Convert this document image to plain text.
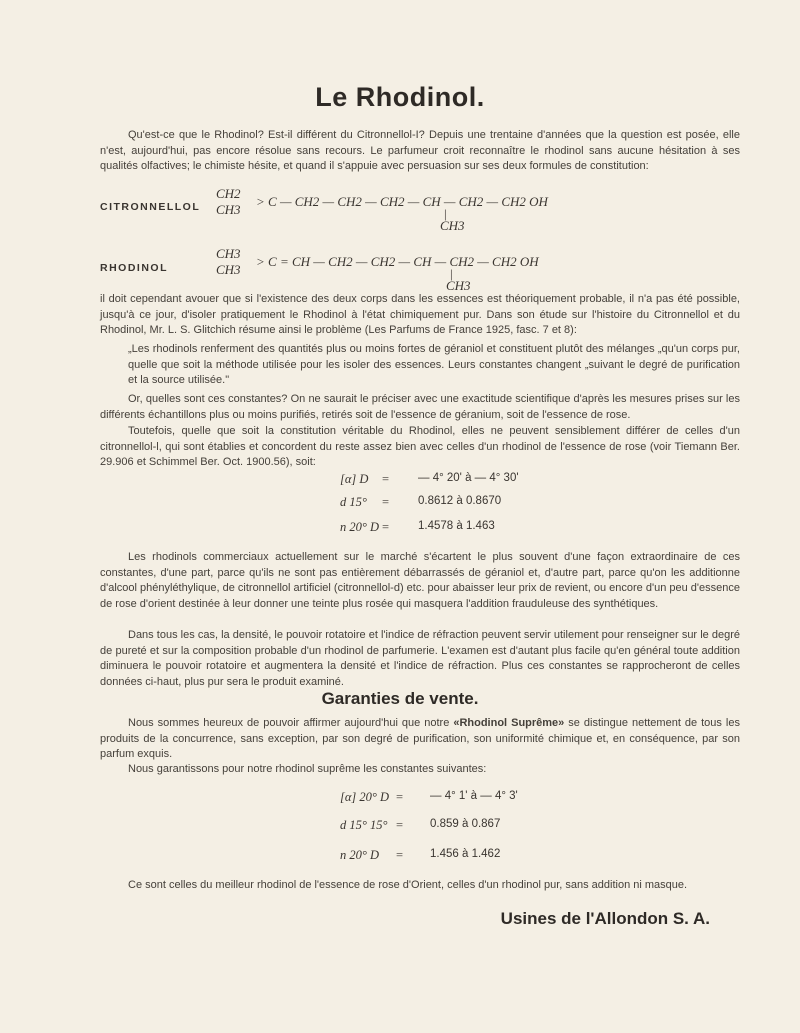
Le Rhodinol.
Qu'est-ce que le Rhodinol? Est-il différent du Citronnellol-I? Depuis une trentaine d'années que la question est posée, elle n'est, aujourd'hui, pas encore résolue sans recours. Le parfumeur croit reconnaître le rhodinol sans aucune hésitation à ses qualités olfactives; le chimiste hésite, et quand il s'appuie avec persuasion sur ses deux formules de constitution:
CITRONNELLOL
CH2
CH3
> C — CH2 — CH2 — CH2 — CH — CH2 — CH2 OH
|
CH3
RHODINOL
CH3
CH3
> C = CH — CH2 — CH2 — CH — CH2 — CH2 OH
|
CH3
il doit cependant avouer que si l'existence des deux corps dans les essences est théoriquement probable, il n'a pas été possible, jusqu'à ce jour, d'isoler pratiquement le Rhodinol à l'état chimiquement pur. Dans son étude sur l'histoire du Citronnellol et du Rhodinol, Mr. L. S. Glitchich résume ainsi le problème (Les Parfums de France 1925, fasc. 7 et 8):
„Les rhodinols renferment des quantités plus ou moins fortes de géraniol et constituent plutôt des mélanges „qu'un corps pur, quelle que soit la méthode utilisée pour les isoler des essences. Leurs constantes changent „suivant le degré de purification et la source utilisée."
Or, quelles sont ces constantes? On ne saurait le préciser avec une exactitude scientifique d'après les mesures prises sur les différents échantillons plus ou moins purifiés, retirés soit de l'essence de géranium, soit de l'essence de rose.
Toutefois, quelle que soit la constitution véritable du Rhodinol, elles ne peuvent sensiblement différer de celles d'un citronnellol-l, qui sont établies et concordent du reste assez bien avec celles d'un rhodinol de l'essence de rose (voir Tiemann Ber. 29.906 et Schimmel Ber. Oct. 1900.56), soit:
[α] D =	— 4° 20' à — 4° 30'
d 15° =	0.8612 à 0.8670
n 20° D =	1.4578 à 1.463
Les rhodinols commerciaux actuellement sur le marché s'écartent le plus souvent d'une façon extraordinaire de ces constantes, d'une part, parce qu'ils ne sont pas entièrement débarrassés de géraniol et, d'autre part, parce qu'on les additionne d'alcool phényléthylique, de citronnellol artificiel (citronnellol-d) etc. pour abaisser leur prix de revient, ou encore d'un peu d'essence de rose d'orient destinée à leur donner une teinte plus rosée qui masquera l'addition frauduleuse des synthétiques.
Dans tous les cas, la densité, le pouvoir rotatoire et l'indice de réfraction peuvent servir utilement pour renseigner sur le degré de pureté et sur la composition probable d'un rhodinol de parfumerie. L'examen est d'autant plus facile qu'en général toute addition diminuera le pouvoir rotatoire et augmentera la densité et l'indice de réfraction. Plus ces constantes se rapprocheront de celles données ci-haut, plus pur sera le produit examiné.
Garanties de vente.
Nous sommes heureux de pouvoir affirmer aujourd'hui que notre «Rhodinol Suprême» se distingue nettement de tous les produits de la concurrence, sans exception, par son degré de purification, son uniformité chimique et, en conséquence, par son parfum exquis.
Nous garantissons pour notre rhodinol suprême les constantes suivantes:
[α] 20° D = — 4° 1' à — 4° 3'
d 15° 15° = 0.859 à 0.867
n 20° D = 1.456 à 1.462
Ce sont celles du meilleur rhodinol de l'essence de rose d'Orient, celles d'un rhodinol pur, sans addition ni masque.
Usines de l'Allondon S. A.
